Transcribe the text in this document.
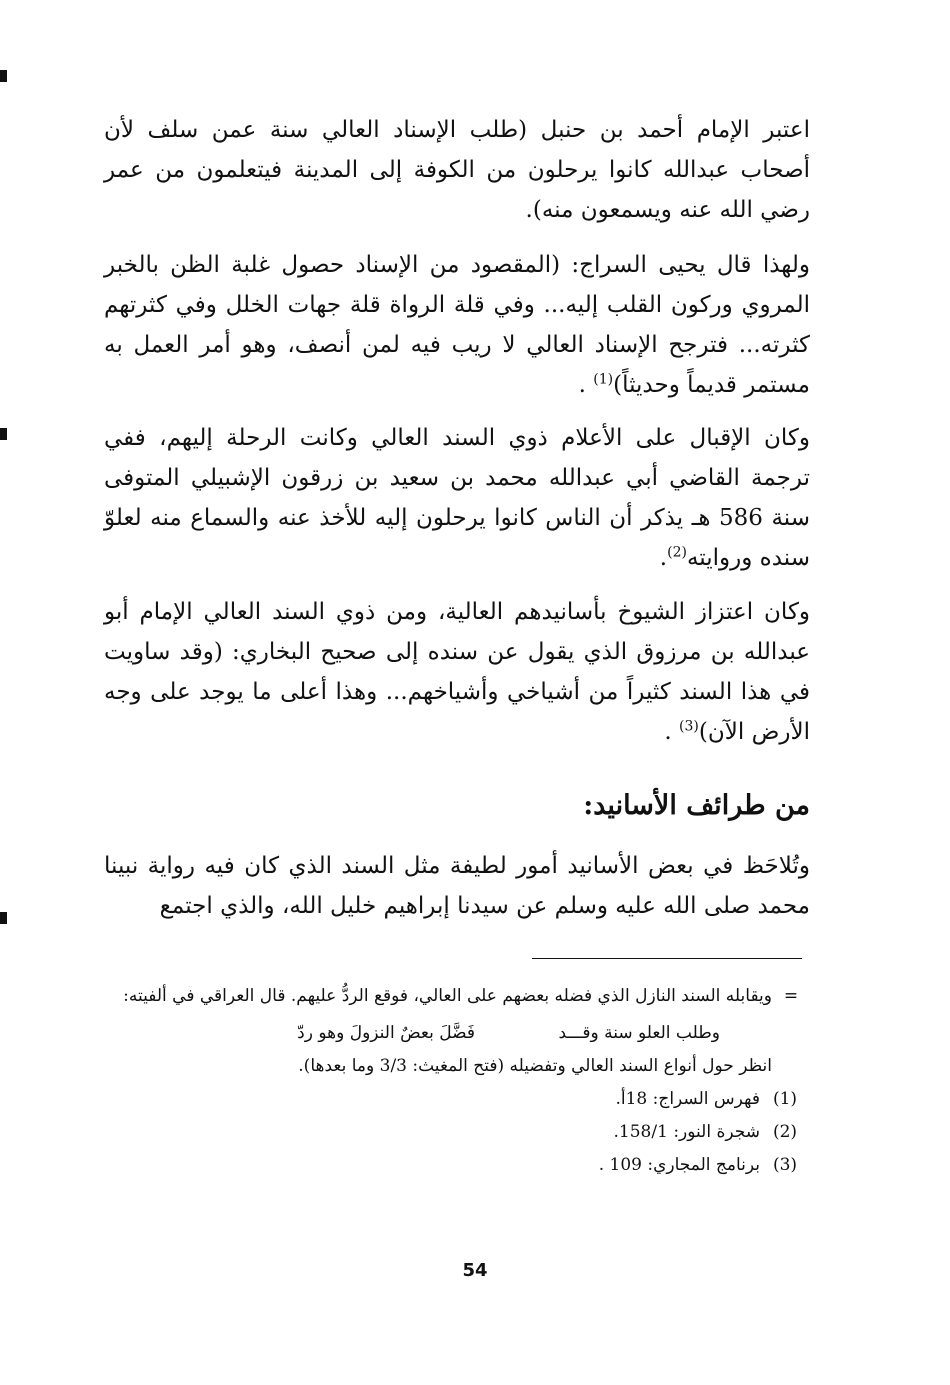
اعتبر الإمام أحمد بن حنبل (طلب الإسناد العالي سنة عمن سلف لأن أصحاب عبدالله كانوا يرحلون من الكوفة إلى المدينة فيتعلمون من عمر رضي الله عنه ويسمعون منه).

ولهذا قال يحيى السراج: (المقصود من الإسناد حصول غلبة الظن بالخبر المروي وركون القلب إليه... وفي قلة الرواة قلة جهات الخلل وفي كثرتهم كثرته... فترجح الإسناد العالي لا ريب فيه لمن أنصف، وهو أمر العمل به مستمر قديماً وحديثاً)$^{(1)}$ .

وكان الإقبال على الأعلام ذوي السند العالي وكانت الرحلة إليهم، ففي ترجمة القاضي أبي عبدالله محمد بن سعيد بن زرقون الإشبيلي المتوفى سنة 586 هـ يذكر أن الناس كانوا يرحلون إليه للأخذ عنه والسماع منه لعلوّ سنده وروايته$^{(2)}$.

وكان اعتزاز الشيوخ بأسانيدهم العالية، ومن ذوي السند العالي الإمام أبو عبدالله بن مرزوق الذي يقول عن سنده إلى صحيح البخاري: (وقد ساويت في هذا السند كثيراً من أشياخي وأشياخهم... وهذا أعلى ما يوجد على وجه الأرض الآن)$^{(3)}$ .

من طرائف الأسانيد:

وتُلاحَظ في بعض الأسانيد أمور لطيفة مثل السند الذي كان فيه رواية نبينا محمد صلى الله عليه وسلم عن سيدنا إبراهيم خليل الله، والذي اجتمع

=
ويقابله السند النازل الذي فضله بعضهم على العالي، فوقع الردُّ عليهم. قال العراقي في ألفيته:
وطلب العلو سنة وقـــد
فَضَّلَ بعضٌ النزولَ وهو ردّ
انظر حول أنواع السند العالي وتفضيله (فتح المغيث: 3/3 وما بعدها).
(1)
فهرس السراج: 18أ.
(2)
شجرة النور: 158/1.
(3)
برنامج المجاري: 109 .
54
